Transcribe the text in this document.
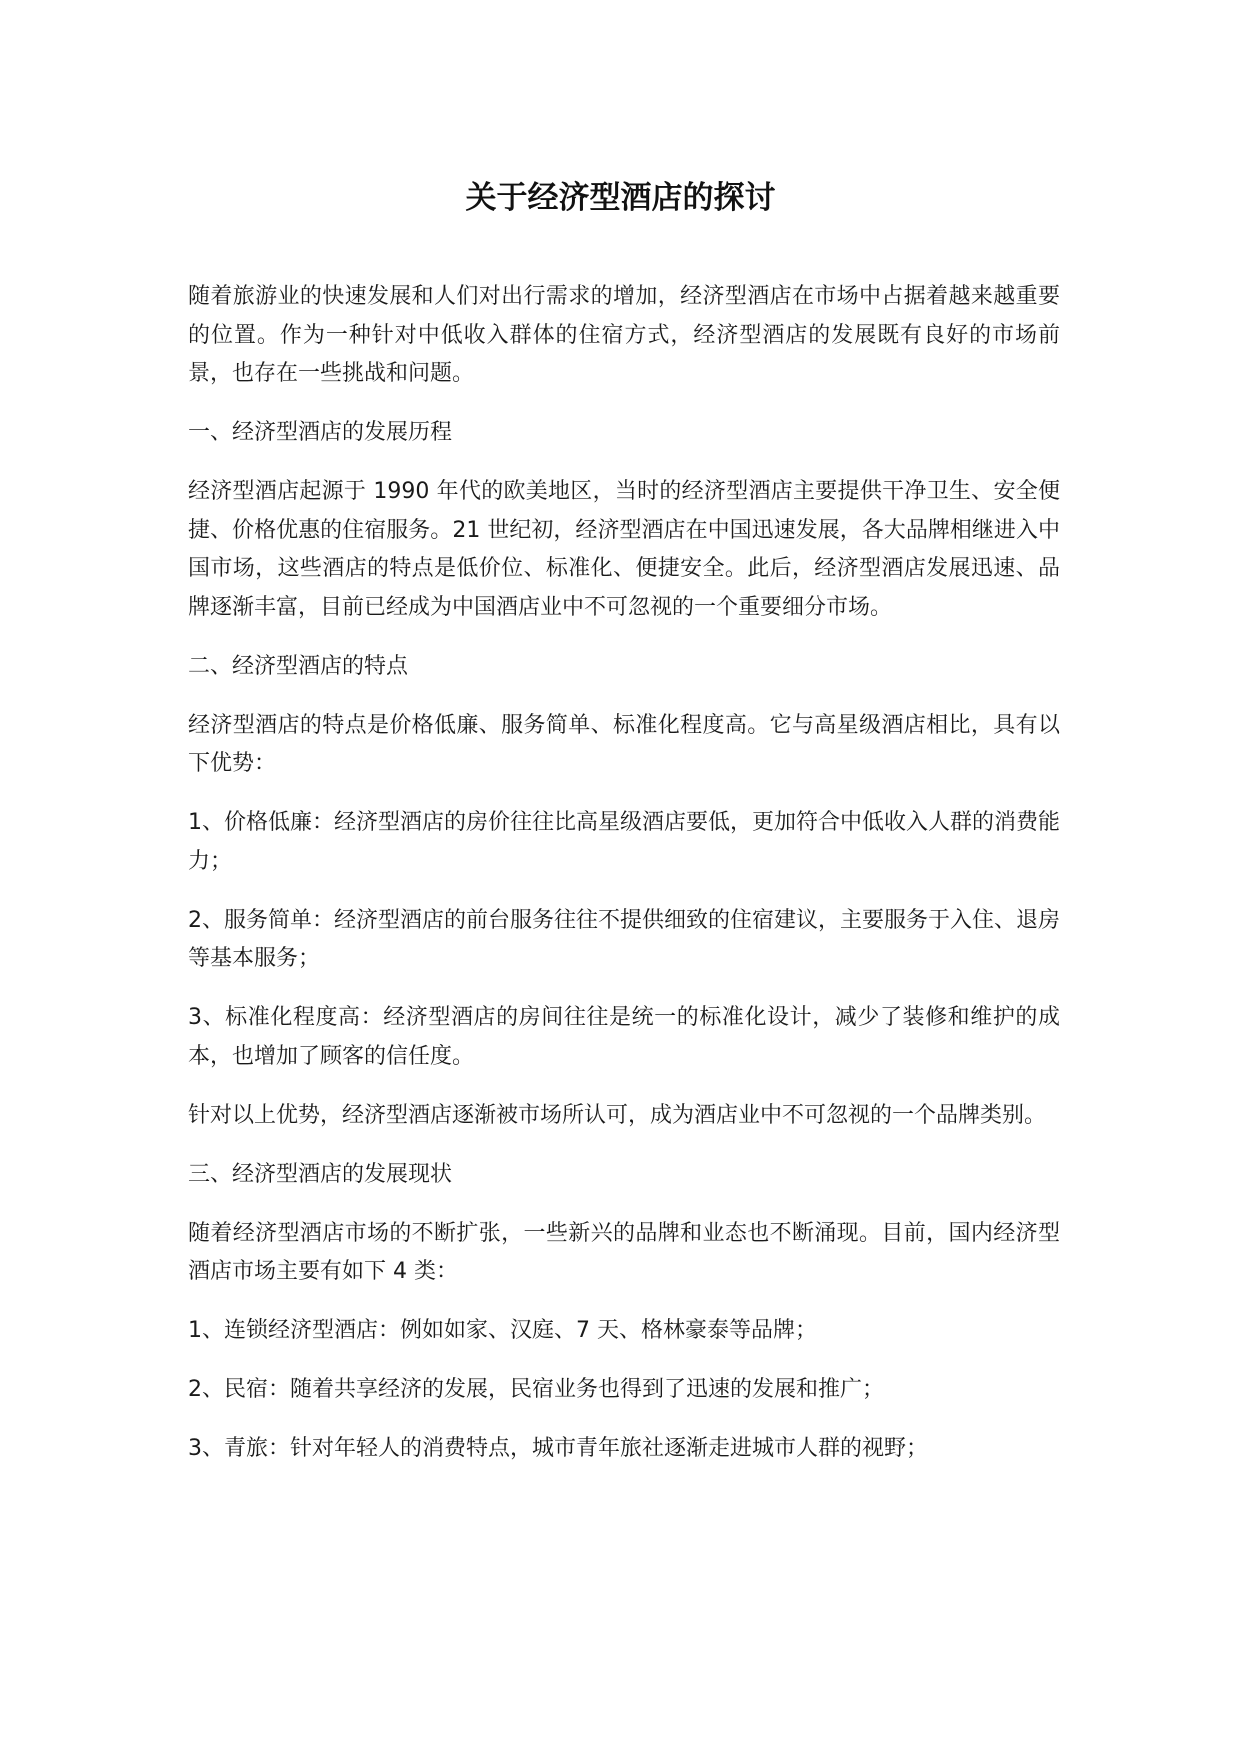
关于经济型酒店的探讨

随着旅游业的快速发展和人们对出行需求的增加，经济型酒店在市场中占据着越来越重要的位置。作为一种针对中低收入群体的住宿方式，经济型酒店的发展既有良好的市场前景，也存在一些挑战和问题。

一、经济型酒店的发展历程

经济型酒店起源于 1990 年代的欧美地区，当时的经济型酒店主要提供干净卫生、安全便捷、价格优惠的住宿服务。21 世纪初，经济型酒店在中国迅速发展，各大品牌相继进入中国市场，这些酒店的特点是低价位、标准化、便捷安全。此后，经济型酒店发展迅速、品牌逐渐丰富，目前已经成为中国酒店业中不可忽视的一个重要细分市场。

二、经济型酒店的特点

经济型酒店的特点是价格低廉、服务简单、标准化程度高。它与高星级酒店相比，具有以下优势：

1、价格低廉：经济型酒店的房价往往比高星级酒店要低，更加符合中低收入人群的消费能力；

2、服务简单：经济型酒店的前台服务往往不提供细致的住宿建议，主要服务于入住、退房等基本服务；

3、标准化程度高：经济型酒店的房间往往是统一的标准化设计，减少了装修和维护的成本，也增加了顾客的信任度。

针对以上优势，经济型酒店逐渐被市场所认可，成为酒店业中不可忽视的一个品牌类别。

三、经济型酒店的发展现状

随着经济型酒店市场的不断扩张，一些新兴的品牌和业态也不断涌现。目前，国内经济型酒店市场主要有如下 4 类：

1、连锁经济型酒店：例如如家、汉庭、7 天、格林豪泰等品牌；

2、民宿：随着共享经济的发展，民宿业务也得到了迅速的发展和推广；

3、青旅：针对年轻人的消费特点，城市青年旅社逐渐走进城市人群的视野；
